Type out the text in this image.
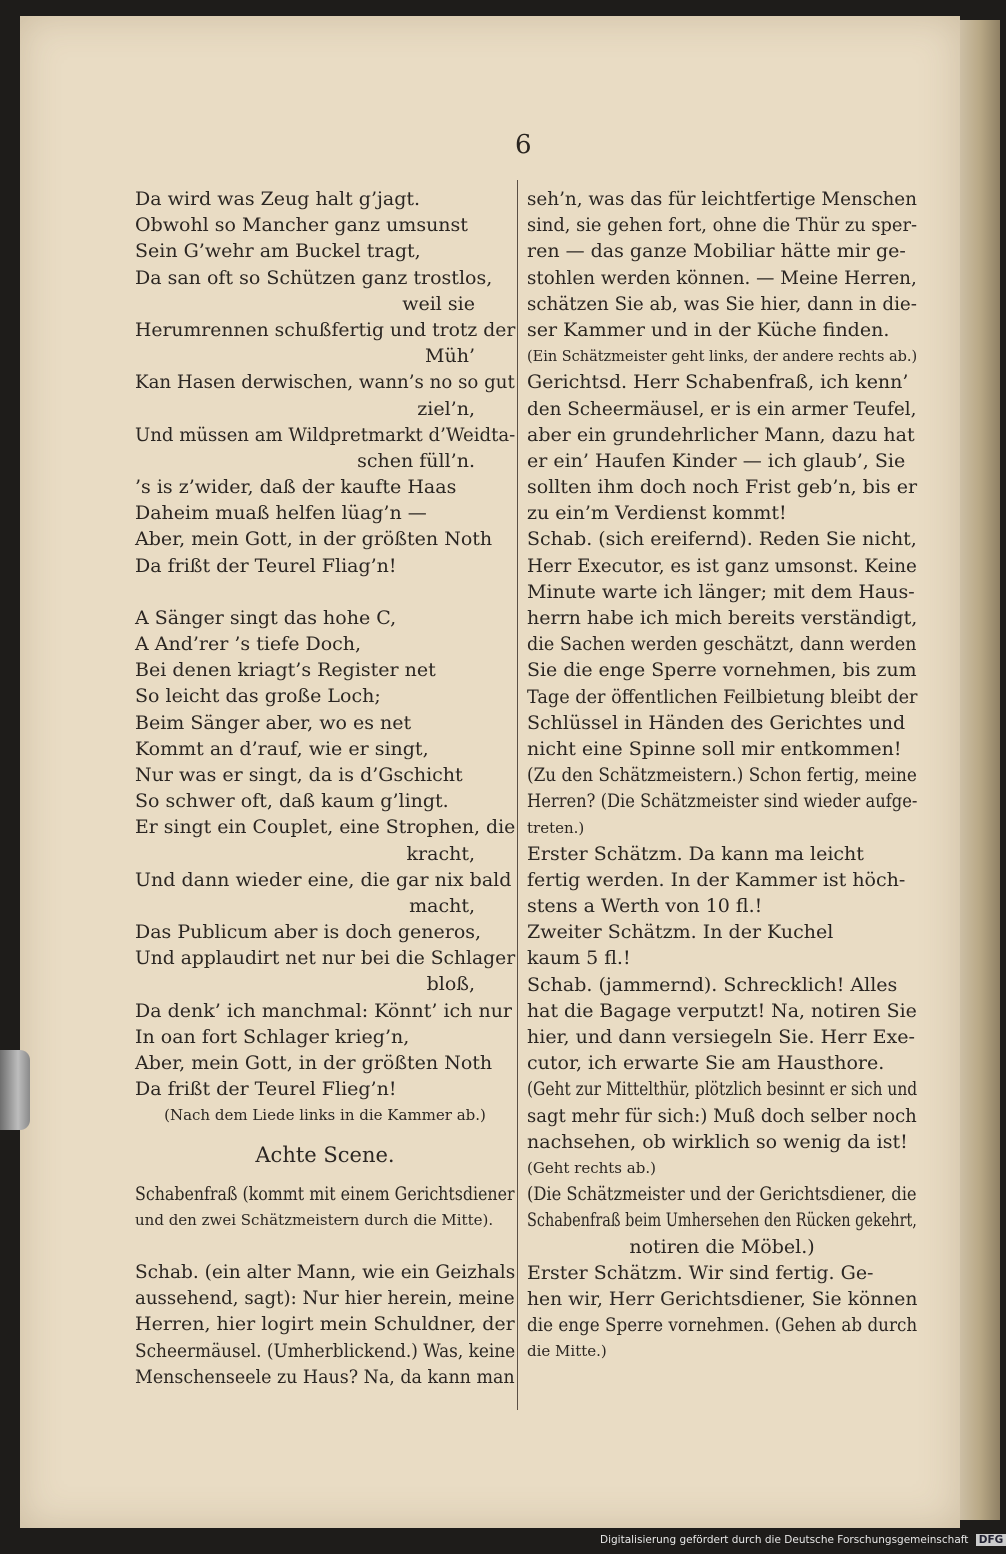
6
Da wird was Zeug halt g’jagt.
Obwohl so Mancher ganz umsunst
Sein G’wehr am Buckel tragt,
Da san oft so Schützen ganz trostlos,
weil sie
Herumrennen schußfertig und trotz der
Müh’
Kan Hasen derwischen, wann’s no so gut
ziel’n,
Und müssen am Wildpretmarkt d’Weidta-
schen füll’n.
’s is z’wider, daß der kaufte Haas
Daheim muaß helfen lüag’n —
Aber, mein Gott, in der größten Noth
Da frißt der Teurel Fliag’n!
A Sänger singt das hohe C,
A And’rer ’s tiefe Doch,
Bei denen kriagt’s Register net
So leicht das große Loch;
Beim Sänger aber, wo es net
Kommt an d’rauf, wie er singt,
Nur was er singt, da is d’Gschicht
So schwer oft, daß kaum g’lingt.
Er singt ein Couplet, eine Strophen, die
kracht,
Und dann wieder eine, die gar nix bald
macht,
Das Publicum aber is doch generos,
Und applaudirt net nur bei die Schlager
bloß,
Da denk’ ich manchmal: Könnt’ ich nur
In oan fort Schlager krieg’n,
Aber, mein Gott, in der größten Noth
Da frißt der Teurel Flieg’n!
(Nach dem Liede links in die Kammer ab.)
Achte Scene.
Schabenfraß (kommt mit einem Gerichtsdiener
und den zwei Schätzmeistern durch die Mitte).
Schab. (ein alter Mann, wie ein Geizhals
aussehend, sagt): Nur hier herein, meine
Herren, hier logirt mein Schuldner, der
Scheermäusel. (Umherblickend.) Was, keine
Menschenseele zu Haus? Na, da kann man
seh’n, was das für leichtfertige Menschen
sind, sie gehen fort, ohne die Thür zu sper-
ren — das ganze Mobiliar hätte mir ge-
stohlen werden können. — Meine Herren,
schätzen Sie ab, was Sie hier, dann in die-
ser Kammer und in der Küche finden.
(Ein Schätzmeister geht links, der andere rechts ab.)
Gerichtsd. Herr Schabenfraß, ich kenn’
den Scheermäusel, er is ein armer Teufel,
aber ein grundehrlicher Mann, dazu hat
er ein’ Haufen Kinder — ich glaub’, Sie
sollten ihm doch noch Frist geb’n, bis er
zu ein’m Verdienst kommt!
Schab. (sich ereifernd). Reden Sie nicht,
Herr Executor, es ist ganz umsonst. Keine
Minute warte ich länger; mit dem Haus-
herrn habe ich mich bereits verständigt,
die Sachen werden geschätzt, dann werden
Sie die enge Sperre vornehmen, bis zum
Tage der öffentlichen Feilbietung bleibt der
Schlüssel in Händen des Gerichtes und
nicht eine Spinne soll mir entkommen!
(Zu den Schätzmeistern.) Schon fertig, meine
Herren? (Die Schätzmeister sind wieder aufge-
treten.)
Erster Schätzm. Da kann ma leicht
fertig werden. In der Kammer ist höch-
stens a Werth von 10 fl.!
Zweiter Schätzm. In der Kuchel
kaum 5 fl.!
Schab. (jammernd). Schrecklich! Alles
hat die Bagage verputzt! Na, notiren Sie
hier, und dann versiegeln Sie. Herr Exe-
cutor, ich erwarte Sie am Hausthore.
(Geht zur Mittelthür, plötzlich besinnt er sich und
sagt mehr für sich:) Muß doch selber noch
nachsehen, ob wirklich so wenig da ist!
(Geht rechts ab.)
(Die Schätzmeister und der Gerichtsdiener, die
Schabenfraß beim Umhersehen den Rücken gekehrt,
notiren die Möbel.)
Erster Schätzm. Wir sind fertig. Ge-
hen wir, Herr Gerichtsdiener, Sie können
die enge Sperre vornehmen. (Gehen ab durch
die Mitte.)
Digitalisierung gefördert durch die Deutsche Forschungsgemeinschaft DFG
